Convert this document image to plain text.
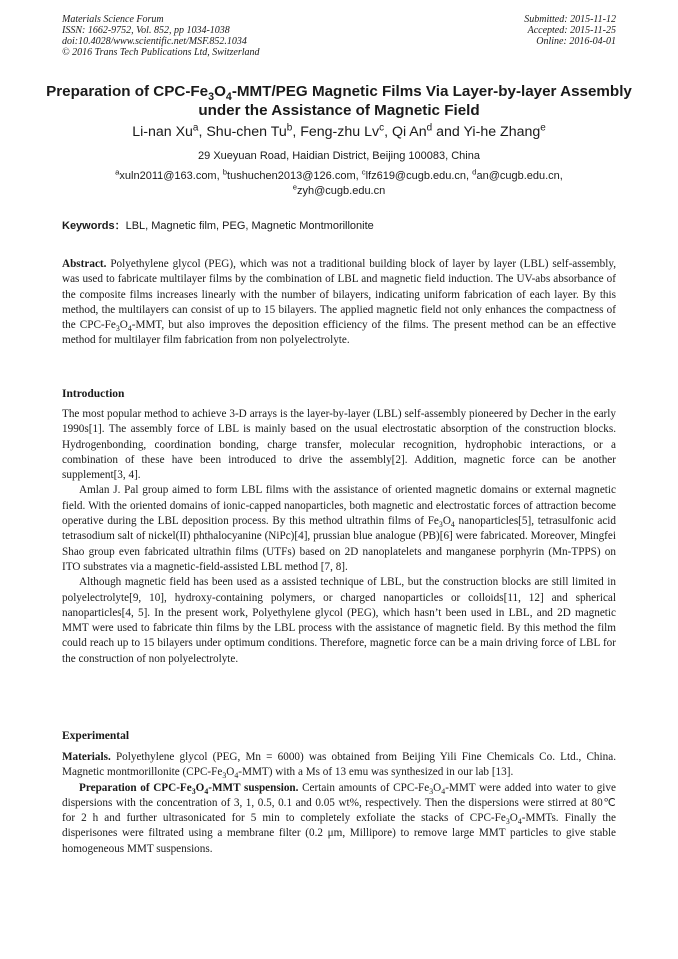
Materials Science Forum
ISSN: 1662-9752, Vol. 852, pp 1034-1038
doi:10.4028/www.scientific.net/MSF.852.1034
© 2016 Trans Tech Publications Ltd, Switzerland
Submitted: 2015-11-12
Accepted: 2015-11-25
Online: 2016-04-01
Preparation of CPC-$Fe_3O_4-MMT$/PEG Magnetic Films Via Layer-by-layer Assembly under the Assistance of Magnetic Field
Li-nan Xu$^a$, Shu-chen Tu$^b$, Feng-zhu Lv$^c$, Qi An$^d$ and Yi-he Zhang$^e$
29 Xueyuan Road, Haidian District, Beijing 100083, China
$^a$xuln2011@163.com, $^b$tushuchen2013@126.com, $^c$lfz619@cugb.edu.cn, $^d$an@cugb.edu.cn,
$^e$zyh@cugb.edu.cn
Keywords：LBL, Magnetic film, PEG, Magnetic Montmorillonite

Abstract. Polyethylene glycol (PEG), which was not a traditional building block of layer by layer (LBL) self-assembly, was used to fabricate multilayer films by the combination of LBL and magnetic field induction. The UV-abs absorbance of the composite films increases linearly with the number of bilayers, indicating uniform fabrication of each layer. By this method, the multilayers can consist of up to 15 bilayers. The applied magnetic field not only enhances the compactness of the CPC-$Fe_3O_4$-MMT, but also improves the deposition efficiency of the films. The present method can be an effective method for multilayer film fabrication from non polyelectrolyte.

Introduction

The most popular method to achieve 3-D arrays is the layer-by-layer (LBL) self-assembly pioneered by Decher in the early 1990s[1]. The assembly force of LBL is mainly based on the usual electrostatic absorption of the construction blocks. Hydrogenbonding, coordination bonding, charge transfer, molecular recognition, hydrophobic interactions, or a combination of these have been introduced to drive the assembly[2]. Addition, magnetic force can be another supplement[3, 4].

Amlan J. Pal group aimed to form LBL films with the assistance of oriented magnetic domains or external magnetic field. With the oriented domains of ionic-capped nanoparticles, both magnetic and electrostatic forces of attraction become operative during the LBL deposition process. By this method ultrathin films of $Fe_3O_4$ nanoparticles[5], tetrasulfonic acid tetrasodium salt of nickel(II) phthalocyanine (NiPc)[4], prussian blue analogue (PB)[6] were fabricated. Moreover, Mingfei Shao group even fabricated ultrathin films (UTFs) based on 2D nanoplatelets and manganese porphyrin (Mn-TPPS) on ITO substrates via a magnetic-field-assisted LBL method [7, 8].

Although magnetic field has been used as a assisted technique of LBL, but the construction blocks are still limited in polyelectrolyte[9, 10], hydroxy-containing polymers, or charged nanoparticles or colloids[11, 12] and spherical nanoparticles[4, 5]. In the present work, Polyethylene glycol (PEG), which hasn’t been used in LBL, and 2D magnetic MMT were used to fabricate thin films by the LBL process with the assistance of magnetic field. By this method the film could reach up to 15 bilayers under optimum conditions. Therefore, magnetic force can be a main driving force of LBL for the construction of non polyelectrolyte.

Experimental

Materials. Polyethylene glycol (PEG, Mn = 6000) was obtained from Beijing Yili Fine Chemicals Co. Ltd., China. Magnetic montmorillonite $(CPC-Fe_3O_4-MMT)$ with a Ms of 13 emu was synthesized in our lab [13].

Preparation of CPC-$Fe_3O_4$-MMT suspension. Certain amounts of CPC-$Fe_3O_4$-MMT were added into water to give dispersions with the concentration of 3, 1, 0.5, 0.1 and 0.05 wt%, respectively. Then the dispersions were stirred at 80℃ for 2 h and further ultrasonicated for 5 min to completely exfoliate the stacks of CPC-$Fe_3O_4$-MMTs. Finally the disperisones were filtrated using a membrane filter (0.2 μm, Millipore) to remove large MMT particles to give stable homogeneous MMT suspensions.
